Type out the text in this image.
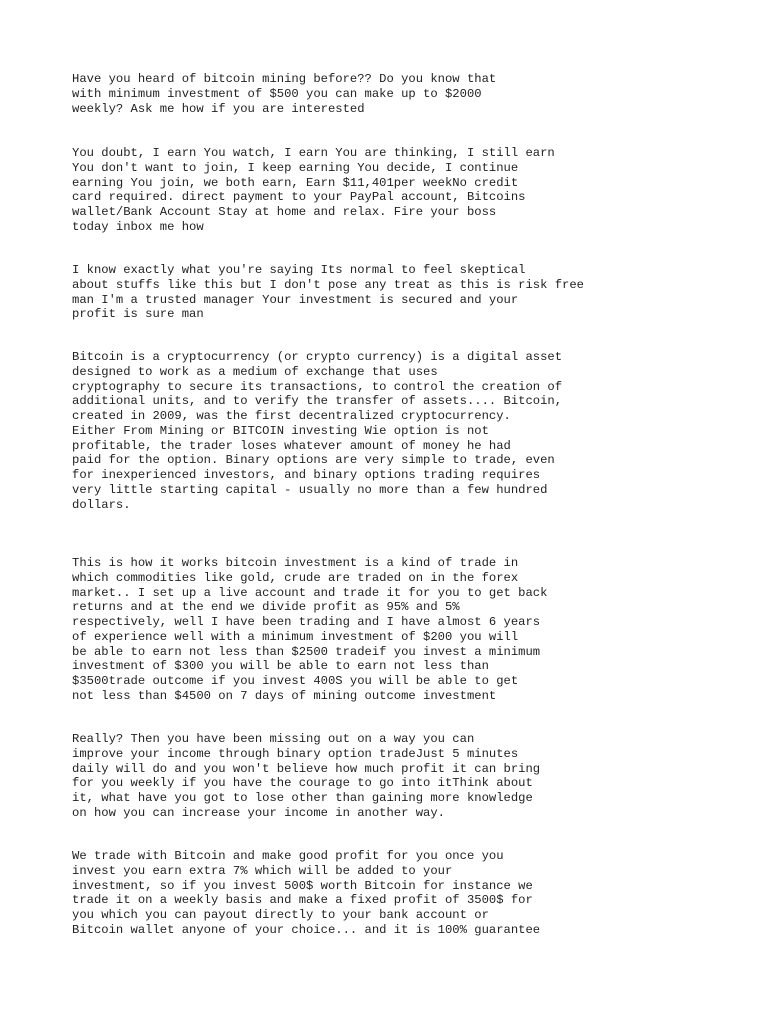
Have you heard of bitcoin mining before?? Do you know that
with minimum investment of $500 you can make up to $2000
weekly? Ask me how if you are interested

You doubt, I earn You watch, I earn You are thinking, I still earn
You don't want to join, I keep earning You decide, I continue
earning You join, we both earn, Earn $11,401per weekNo credit
card required. direct payment to your PayPal account, Bitcoins
wallet/Bank Account Stay at home and relax. Fire your boss
today inbox me how

I know exactly what you're saying Its normal to feel skeptical
about stuffs like this but I don't pose any treat as this is risk free
man I'm a trusted manager Your investment is secured and your
profit is sure man

Bitcoin is a cryptocurrency (or crypto currency) is a digital asset
designed to work as a medium of exchange that uses
cryptography to secure its transactions, to control the creation of
additional units, and to verify the transfer of assets.... Bitcoin,
created in 2009, was the first decentralized cryptocurrency.
Either From Mining or BITCOIN investing Wie option is not
profitable, the trader loses whatever amount of money he had
paid for the option. Binary options are very simple to trade, even
for inexperienced investors, and binary options trading requires
very little starting capital - usually no more than a few hundred
dollars.

This is how it works bitcoin investment is a kind of trade in
which commodities like gold, crude are traded on in the forex
market.. I set up a live account and trade it for you to get back
returns and at the end we divide profit as 95% and 5%
respectively, well I have been trading and I have almost 6 years
of experience well with a minimum investment of $200 you will
be able to earn not less than $2500 tradeif you invest a minimum
investment of $300 you will be able to earn not less than
$3500trade outcome if you invest 400S you will be able to get
not less than $4500 on 7 days of mining outcome investment

Really? Then you have been missing out on a way you can
improve your income through binary option tradeJust 5 minutes
daily will do and you won't believe how much profit it can bring
for you weekly if you have the courage to go into itThink about
it, what have you got to lose other than gaining more knowledge
on how you can increase your income in another way.

We trade with Bitcoin and make good profit for you once you
invest you earn extra 7% which will be added to your
investment, so if you invest 500$ worth Bitcoin for instance we
trade it on a weekly basis and make a fixed profit of 3500$ for
you which you can payout directly to your bank account or
Bitcoin wallet anyone of your choice... and it is 100% guarantee
